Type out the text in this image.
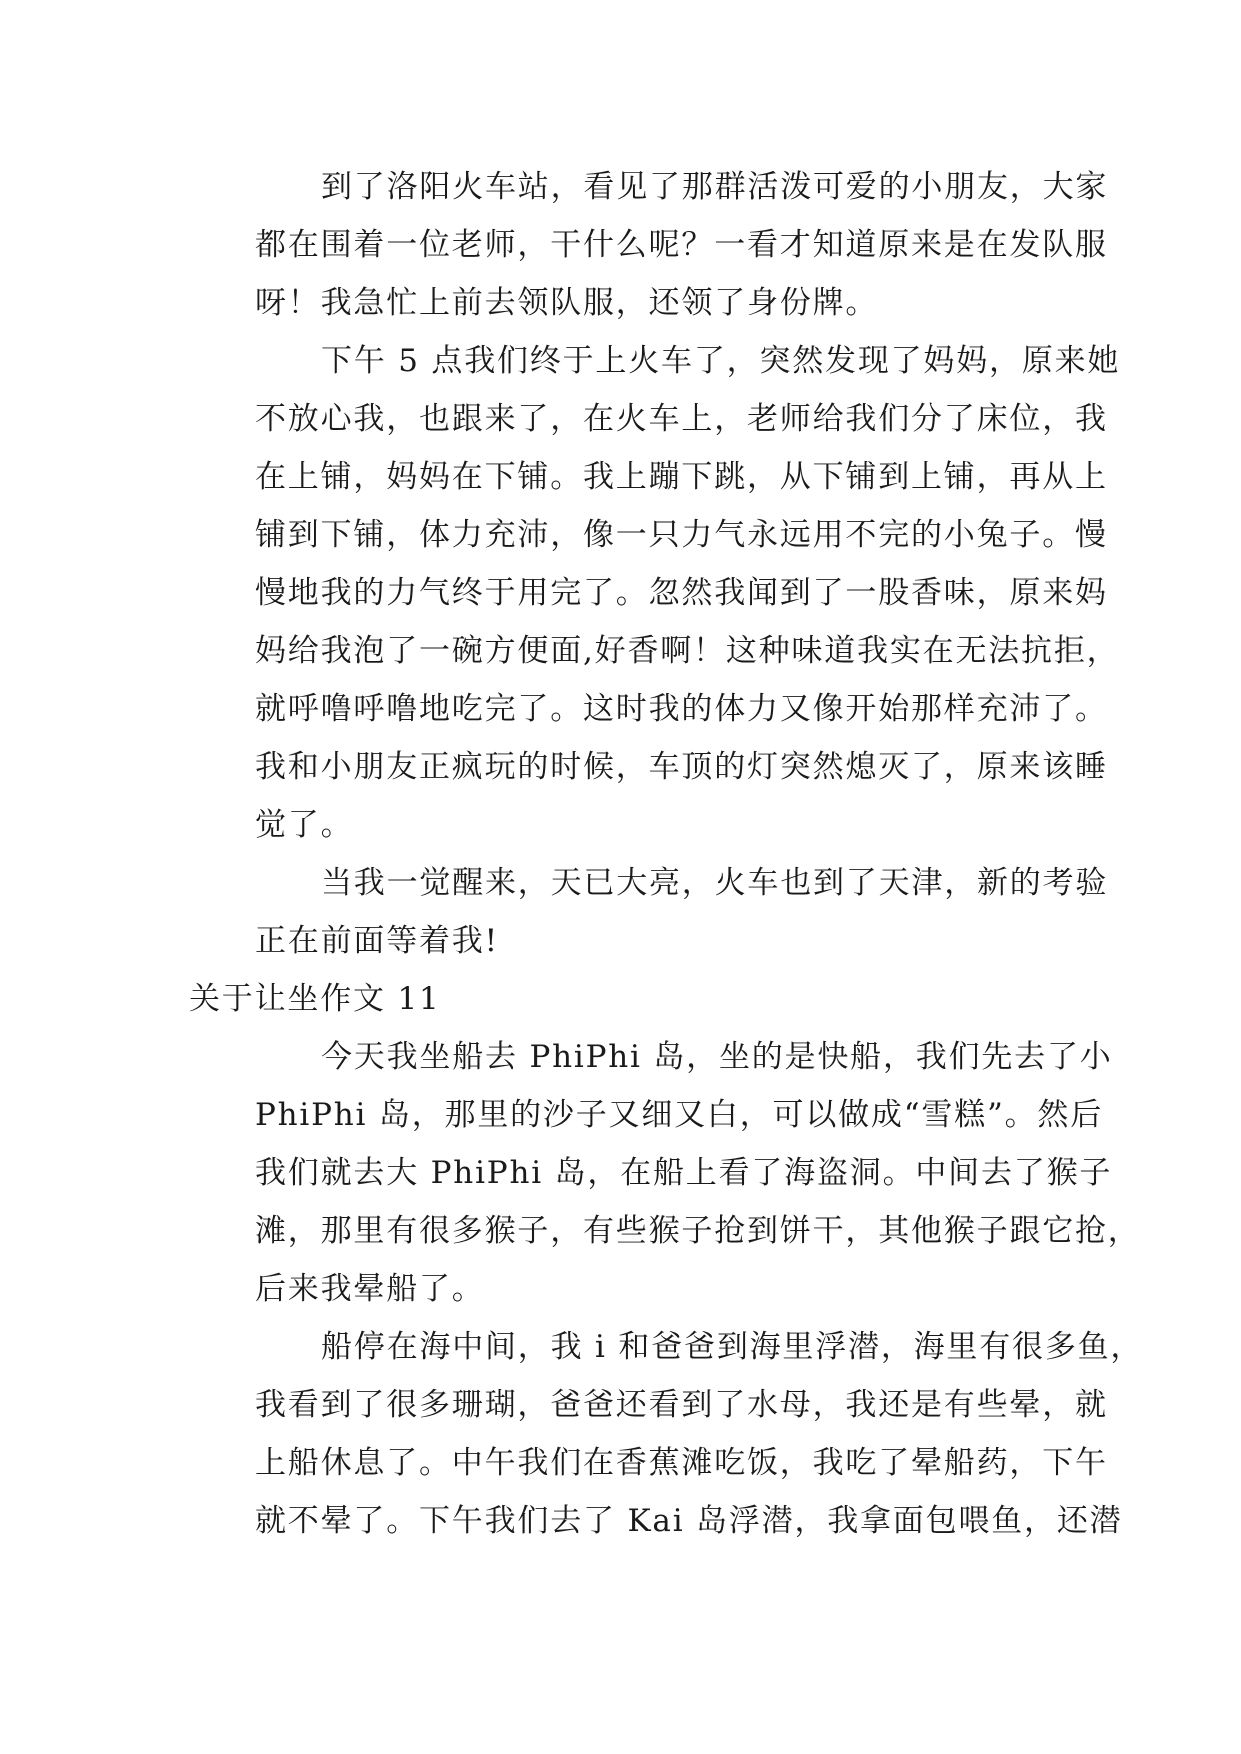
到了洛阳火车站，看见了那群活泼可爱的小朋友，大家
都在围着一位老师，干什么呢？一看才知道原来是在发队服
呀！我急忙上前去领队服，还领了身份牌。

下午 5 点我们终于上火车了，突然发现了妈妈，原来她
不放心我，也跟来了，在火车上，老师给我们分了床位，我
在上铺，妈妈在下铺。我上蹦下跳，从下铺到上铺，再从上
铺到下铺，体力充沛，像一只力气永远用不完的小兔子。慢
慢地我的力气终于用完了。忽然我闻到了一股香味，原来妈
妈给我泡了一碗方便面,好香啊！这种味道我实在无法抗拒，
就呼噜呼噜地吃完了。这时我的体力又像开始那样充沛了。
我和小朋友正疯玩的时候，车顶的灯突然熄灭了，原来该睡
觉了。

当我一觉醒来，天已大亮，火车也到了天津，新的考验
正在前面等着我!

关于让坐作文 11

今天我坐船去 PhiPhi 岛，坐的是快船，我们先去了小
PhiPhi 岛，那里的沙子又细又白，可以做成“雪糕”。然后
我们就去大 PhiPhi 岛，在船上看了海盗洞。中间去了猴子
滩，那里有很多猴子，有些猴子抢到饼干，其他猴子跟它抢，
后来我晕船了。

船停在海中间，我 i 和爸爸到海里浮潜，海里有很多鱼，
我看到了很多珊瑚，爸爸还看到了水母，我还是有些晕，就
上船休息了。中午我们在香蕉滩吃饭，我吃了晕船药，下午
就不晕了。下午我们去了 Kai 岛浮潜，我拿面包喂鱼，还潜
